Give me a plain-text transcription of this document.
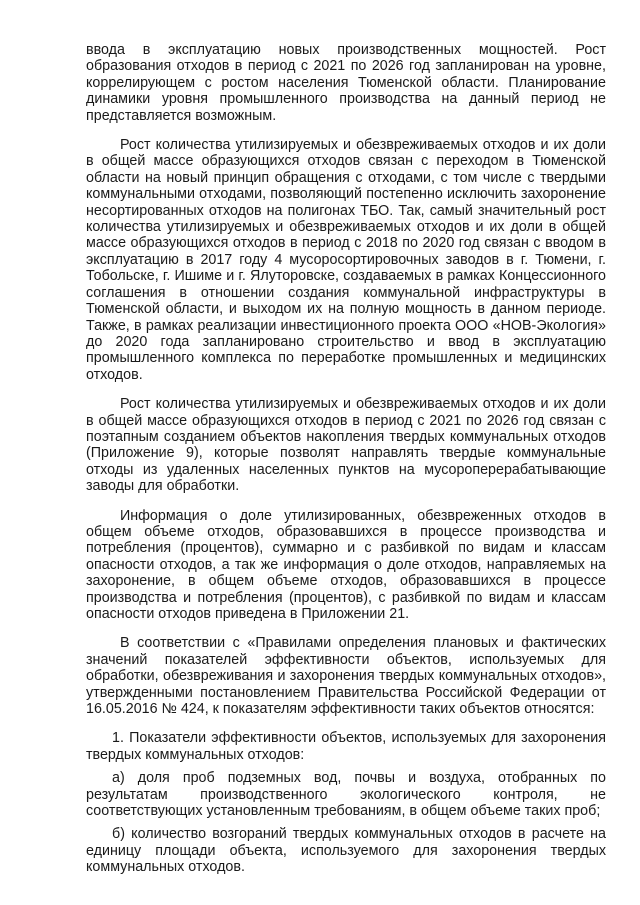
ввода в эксплуатацию новых производственных мощностей. Рост образования отходов в период с 2021 по 2026 год запланирован на уровне, коррелирующем с ростом населения Тюменской области. Планирование динамики уровня промышленного производства на данный период не представляется возможным.

Рост количества утилизируемых и обезвреживаемых отходов и их доли в общей массе образующихся отходов связан с переходом в Тюменской области на новый принцип обращения с отходами, с том числе с твердыми коммунальными отходами, позволяющий постепенно исключить захоронение несортированных отходов на полигонах ТБО. Так, самый значительный рост количества утилизируемых и обезвреживаемых отходов и их доли в общей массе образующихся отходов в период с 2018 по 2020 год связан с вводом в эксплуатацию в 2017 году 4 мусоросортировочных заводов в г. Тюмени, г. Тобольске, г. Ишиме и г. Ялуторовске, создаваемых в рамках Концессионного соглашения в отношении создания коммунальной инфраструктуры в Тюменской области, и выходом их на полную мощность в данном периоде. Также, в рамках реализации инвестиционного проекта ООО «НОВ-Экология» до 2020 года запланировано строительство и ввод в эксплуатацию промышленного комплекса по переработке промышленных и медицинских отходов.

Рост количества утилизируемых и обезвреживаемых отходов и их доли в общей массе образующихся отходов в период с 2021 по 2026 год связан с поэтапным созданием объектов накопления твердых коммунальных отходов (Приложение 9), которые позволят направлять твердые коммунальные отходы из удаленных населенных пунктов на мусороперерабатывающие заводы для обработки.

Информация о доле утилизированных, обезвреженных отходов в общем объеме отходов, образовавшихся в процессе производства и потребления (процентов), суммарно и с разбивкой по видам и классам опасности отходов, а так же информация о доле отходов, направляемых на захоронение, в общем объеме отходов, образовавшихся в процессе производства и потребления (процентов), с разбивкой по видам и классам опасности отходов приведена в Приложении 21.

В соответствии с «Правилами определения плановых и фактических значений показателей эффективности объектов, используемых для обработки, обезвреживания и захоронения твердых коммунальных отходов», утвержденными постановлением Правительства Российской Федерации от 16.05.2016 № 424, к показателям эффективности таких объектов относятся:

1. Показатели эффективности объектов, используемых для захоронения твердых коммунальных отходов:

а) доля проб подземных вод, почвы и воздуха, отобранных по результатам производственного экологического контроля, не соответствующих установленным требованиям, в общем объеме таких проб;

б) количество возгораний твердых коммунальных отходов в расчете на единицу площади объекта, используемого для захоронения твердых коммунальных отходов.
